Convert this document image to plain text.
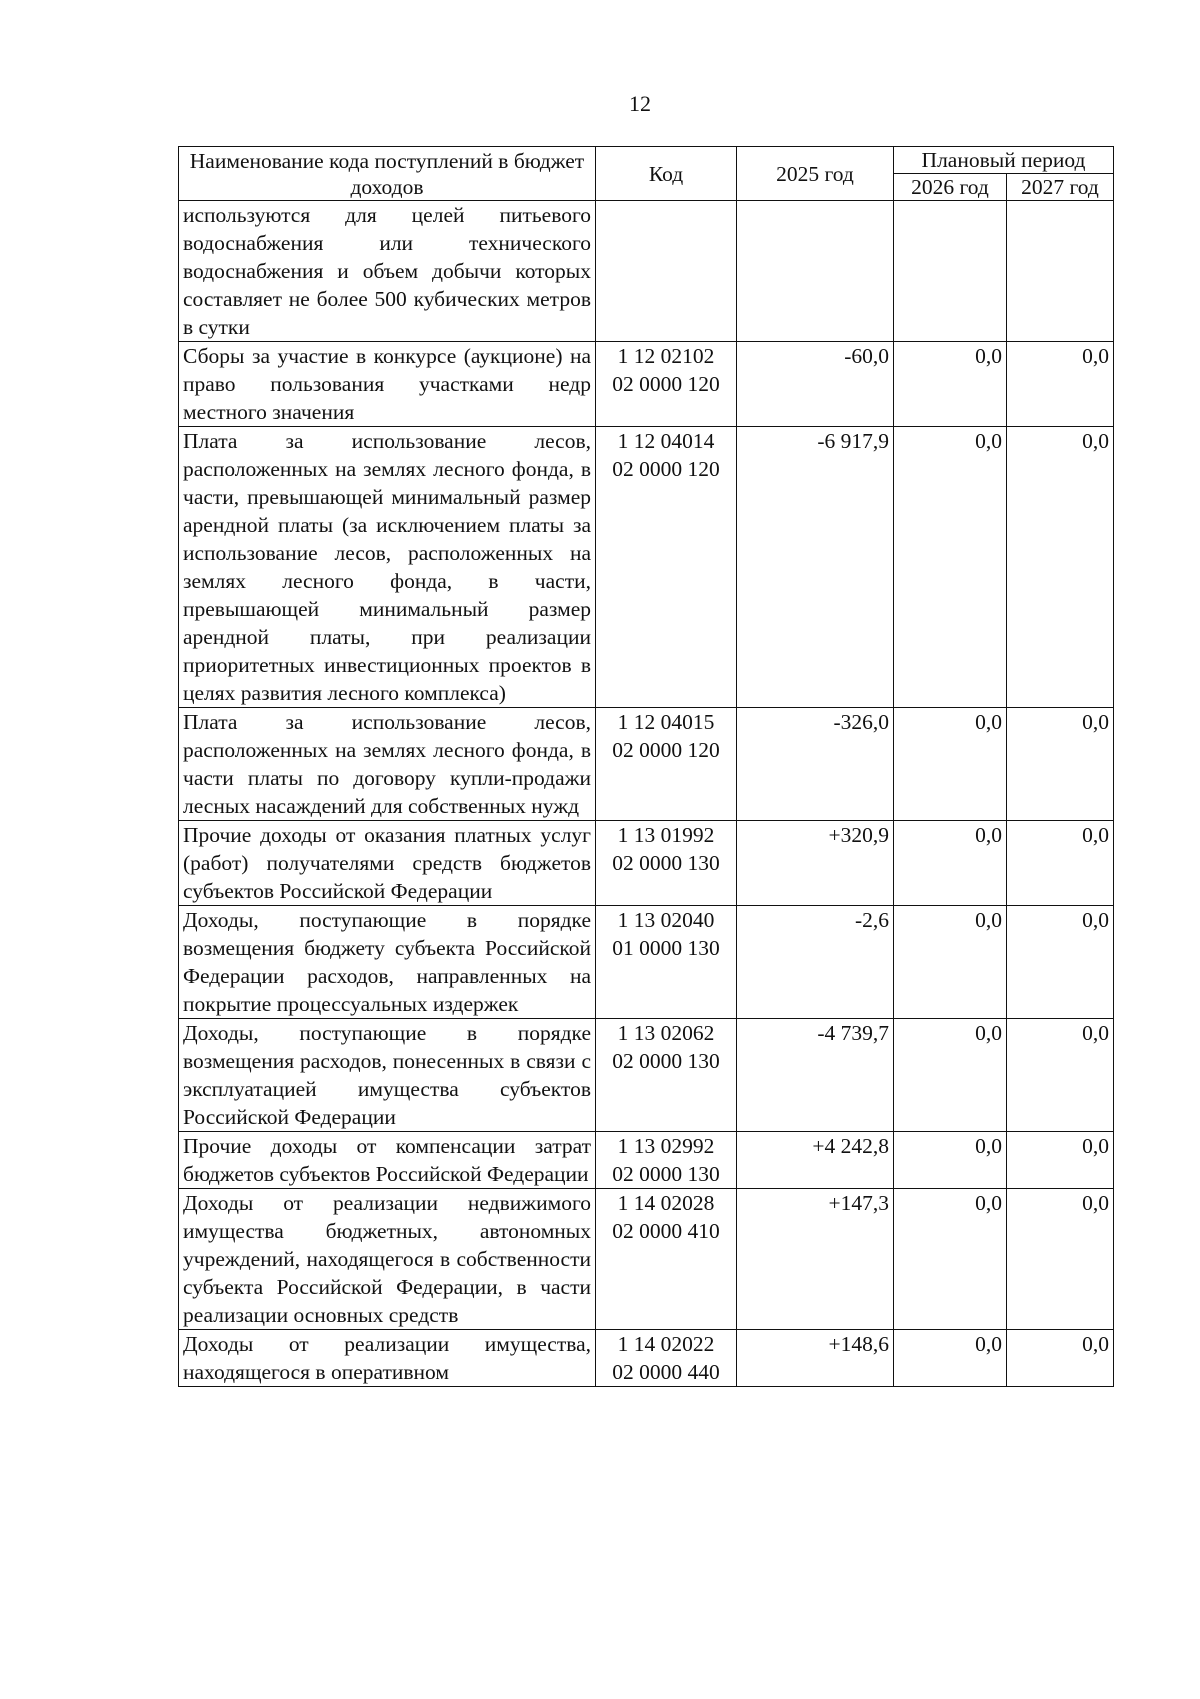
12
Наименование кода поступлений в бюджет доходов	Код	2025 год	Плановый период	
			2026 год	2027 год
используются для целей питьевого водоснабжения или технического водоснабжения и объем добычи которых составляет не более 500 кубических метров в сутки				
Сборы за участие в конкурсе (аукционе) на право пользования участками недр местного значения	1 12 02102
02 0000 120	-60,0	0,0	0,0
Плата за использование лесов, расположенных на землях лесного фонда, в части, превышающей минимальный размер арендной платы (за исключением платы за использование лесов, расположенных на землях лесного фонда, в части, превышающей минимальный размер арендной платы, при реализации приоритетных инвестиционных проектов в целях развития лесного комплекса)	1 12 04014
02 0000 120	-6 917,9	0,0	0,0
Плата за использование лесов, расположенных на землях лесного фонда, в части платы по договору купли-продажи лесных насаждений для собственных нужд	1 12 04015
02 0000 120	-326,0	0,0	0,0
Прочие доходы от оказания платных услуг (работ) получателями средств бюджетов субъектов Российской Федерации	1 13 01992
02 0000 130	+320,9	0,0	0,0
Доходы, поступающие в порядке возмещения бюджету субъекта Российской Федерации расходов, направленных на покрытие процессуальных издержек	1 13 02040
01 0000 130	-2,6	0,0	0,0
Доходы, поступающие в порядке возмещения расходов, понесенных в связи с эксплуатацией имущества субъектов Российской Федерации	1 13 02062
02 0000 130	-4 739,7	0,0	0,0
Прочие доходы от компенсации затрат бюджетов субъектов Российской Федерации	1 13 02992
02 0000 130	+4 242,8	0,0	0,0
Доходы от реализации недвижимого имущества бюджетных, автономных учреждений, находящегося в собственности субъекта Российской Федерации, в части реализации основных средств	1 14 02028
02 0000 410	+147,3	0,0	0,0
Доходы от реализации имущества, находящегося в оперативном	1 14 02022
02 0000 440	+148,6	0,0	0,0
